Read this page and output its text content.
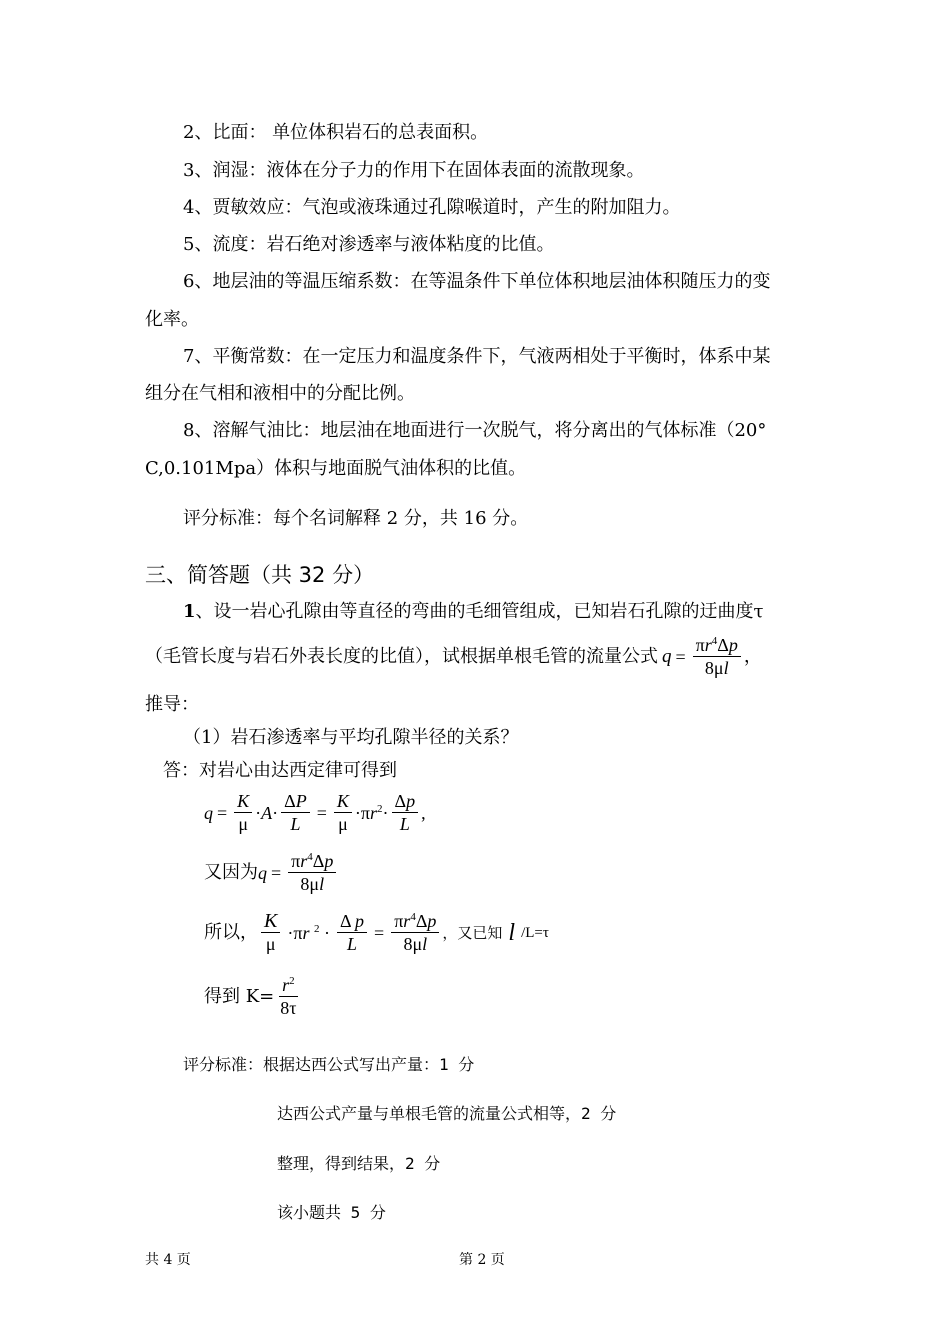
2、比面： 单位体积岩石的总表面积。
3、润湿：液体在分子力的作用下在固体表面的流散现象。
4、贾敏效应：气泡或液珠通过孔隙喉道时，产生的附加阻力。
5、流度：岩石绝对渗透率与液体粘度的比值。
6、地层油的等温压缩系数：在等温条件下单位体积地层油体积随压力的变
化率。
7、平衡常数：在一定压力和温度条件下，气液两相处于平衡时，体系中某
组分在气相和液相中的分配比例。
8、溶解气油比：地层油在地面进行一次脱气，将分离出的气体标准（20°
C,0.101Mpa）体积与地面脱气油体积的比值。
评分标准：每个名词解释 2 分，共 16 分。
三、简答题（共 32 分）
1、设一岩心孔隙由等直径的弯曲的毛细管组成，已知岩石孔隙的迂曲度τ
（毛管长度与岩石外表长度的比值），试根据单根毛管的流量公式 $q = \frac{\pi r^4\Delta p}{8\mu l}$ ，
推导：
（1）岩石渗透率与平均孔隙半径的关系？
答：对岩心由达西定律可得到
$q = \frac{K}{\mu} \cdot A\cdot \frac{\Delta P}{L} = \frac{K}{\mu} \cdot\pi r^2\cdot \frac{\Delta p}{L}$ ,
又因为 $q = \frac{\pi r^4\Delta p}{8\mu l}$
所以， $\frac{K}{\mu} \cdot\pi r$ $^2 \cdot \frac{\text{Δ p}}{L} = \frac{\pi r^4\Delta p}{8\mu l}$ ，又已知 l /L=τ
得到 $K= \frac{r^2}{8\tau}$
评分标准：根据达西公式写出产量：1 分
达西公式产量与单根毛管的流量公式相等，2 分
整理，得到结果，2 分
该小题共 5 分
共 4 页	第 2 页
